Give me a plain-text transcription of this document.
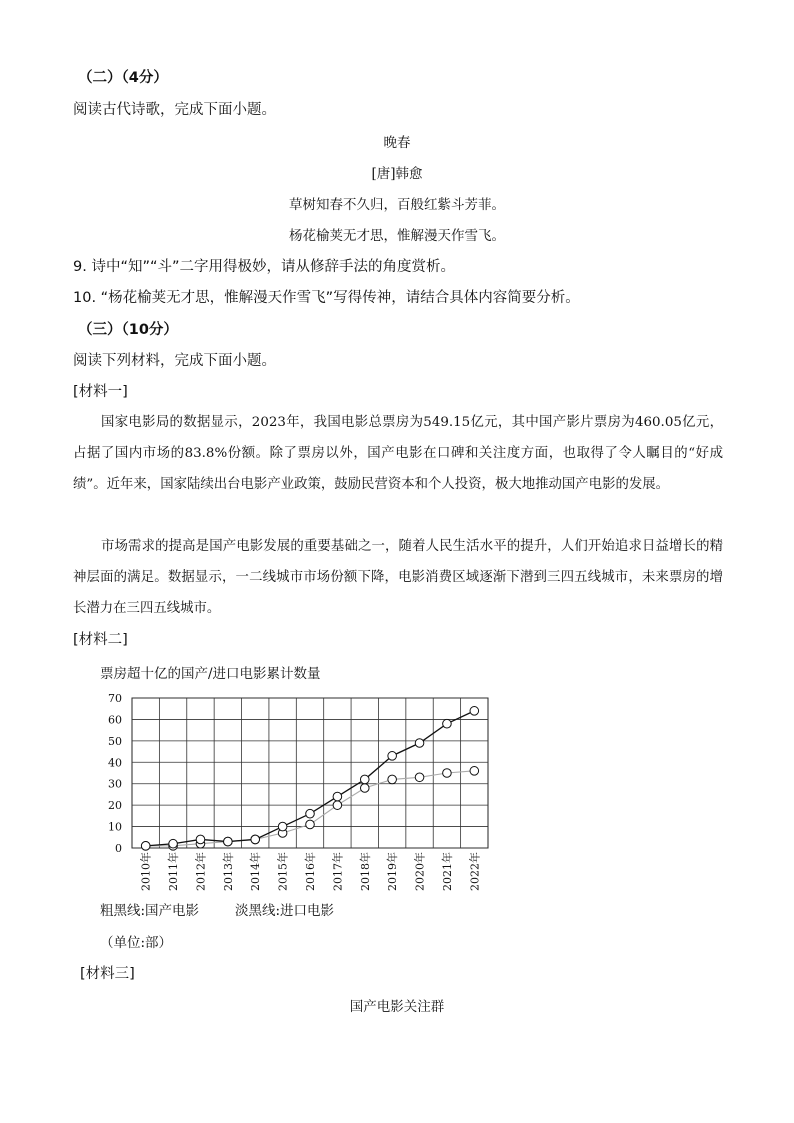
（二）（4分）
阅读古代诗歌，完成下面小题。
晚春
[唐]韩愈
草树知春不久归，百般红紫斗芳菲。
杨花榆荚无才思，惟解漫天作雪飞。
9. 诗中“知”“斗”二字用得极妙，请从修辞手法的角度赏析。
10. “杨花榆荚无才思，惟解漫天作雪飞”写得传神，请结合具体内容简要分析。
（三）（10分）
阅读下列材料，完成下面小题。
[材料一]
国家电影局的数据显示，2023年，我国电影总票房为549.15亿元，其中国产影片票房为460.05亿元，占据了国内市场的83.8%份额。除了票房以外，国产电影在口碑和关注度方面，也取得了令人瞩目的“好成绩”。近年来，国家陆续出台电影产业政策，鼓励民营资本和个人投资，极大地推动国产电影的发展。
市场需求的提高是国产电影发展的重要基础之一，随着人民生活水平的提升，人们开始追求日益增长的精神层面的满足。数据显示，一二线城市市场份额下降，电影消费区域逐渐下潜到三四五线城市，未来票房的增长潜力在三四五线城市。
[材料二]
票房超十亿的国产/进口电影累计数量
0
10
20
30
40
50
60
70
2010年 2011年 2012年 2013年 2014年 2015年 2016年 2017年 2018年 2019年 2020年 2021年 2022年
粗黑线:国产电影	淡黑线:进口电影
（单位:部）
[材料三]
国产电影关注群
